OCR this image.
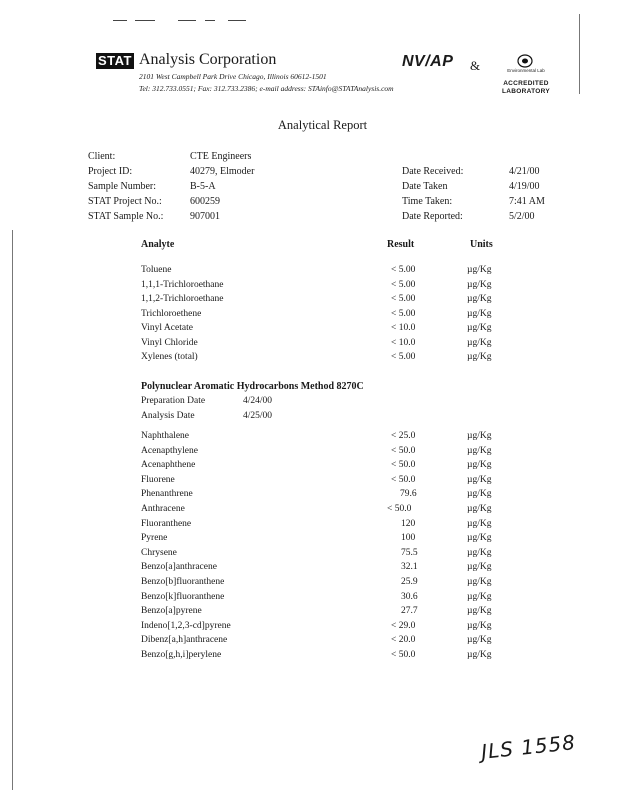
STAT Analysis Corporation
2101 West Campbell Park Drive Chicago, Illinois 60612-1501
Tel: 312.733.0551; Fax: 312.733.2386; e-mail address: STAinfo@STATAnalysis.com
NV/AP &	Environmental Lab
ACCREDITED
LABORATORY
Analytical Report
Client:	CTE Engineers
Project ID:	40279, Elmoder
Sample Number:	B-5-A
STAT Project No.:	600259
STAT Sample No.:	907001
Date Received:	4/21/00
Date Taken	4/19/00
Time Taken:	7:41 AM
Date Reported:	5/2/00
Analyte	Result	Units
Toluene	< 5.00	µg/Kg
1,1,1-Trichloroethane	< 5.00	µg/Kg
1,1,2-Trichloroethane	< 5.00	µg/Kg
Trichloroethene	< 5.00	µg/Kg
Vinyl Acetate	< 10.0	µg/Kg
Vinyl Chloride	< 10.0	µg/Kg
Xylenes (total)	< 5.00	µg/Kg
Polynuclear Aromatic Hydrocarbons Method 8270C
Preparation Date	4/24/00
Analysis Date	4/25/00
Naphthalene	< 25.0	µg/Kg
Acenapthylene	< 50.0	µg/Kg
Acenaphthene	< 50.0	µg/Kg
Fluorene	< 50.0	µg/Kg
Phenanthrene	79.6	µg/Kg
Anthracene	< 50.0	µg/Kg
Fluoranthene	120	µg/Kg
Pyrene	100	µg/Kg
Chrysene	75.5	µg/Kg
Benzo[a]anthracene	32.1	µg/Kg
Benzo[b]fluoranthene	25.9	µg/Kg
Benzo[k]fluoranthene	30.6	µg/Kg
Benzo[a]pyrene	27.7	µg/Kg
Indeno[1,2,3-cd]pyrene	< 29.0	µg/Kg
Dibenz[a,h]anthracene	< 20.0	µg/Kg
Benzo[g,h,i]perylene	< 50.0	µg/Kg
JLS 1558
